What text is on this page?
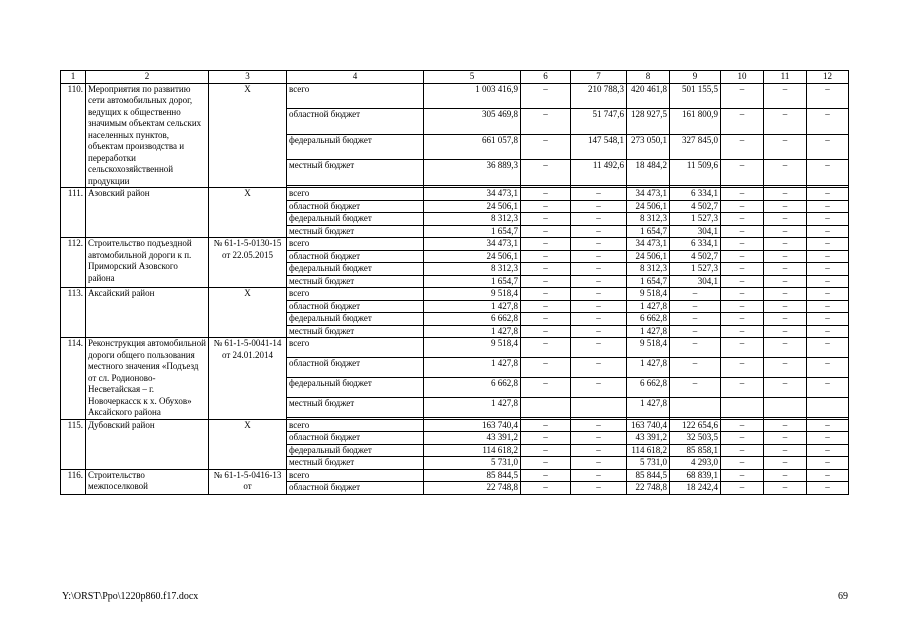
1	2	3	4	5	6	7	8	9	10	11	12
110.	Мероприятия по развитию сети автомобильных дорог, ведущих к общественно значимым объектам сельских населенных пунктов, объектам производства и переработки сельскохозяйственной продукции	Х	всего	1 003 416,9	–	210 788,3	420 461,8	501 155,5	–	–	–
			областной бюджет	305 469,8	–	51 747,6	128 927,5	161 800,9	–	–	–
			федеральный бюджет	661 057,8	–	147 548,1	273 050,1	327 845,0	–	–	–
			местный бюджет	36 889,3	–	11 492,6	18 484,2	11 509,6	–	–	–

111.	Азовский район	Х	всего	34 473,1	–	–	34 473,1	6 334,1	–	–	–
			областной бюджет	24 506,1	–	–	24 506,1	4 502,7	–	–	–
			федеральный бюджет	8 312,3	–	–	8 312,3	1 527,3	–	–	–
			местный бюджет	1 654,7	–	–	1 654,7	304,1	–	–	–
112.	Строительство подъездной автомобильной дороги к п. Приморский Азовского района	№ 61-1-5-0130-15 от 22.05.2015	всего	34 473,1	–	–	34 473,1	6 334,1	–	–	–
			областной бюджет	24 506,1	–	–	24 506,1	4 502,7	–	–	–
			федеральный бюджет	8 312,3	–	–	8 312,3	1 527,3	–	–	–
			местный бюджет	1 654,7	–	–	1 654,7	304,1	–	–	–
113.	Аксайский район	Х	всего	9 518,4	–	–	9 518,4	–	–	–	–
			областной бюджет	1 427,8	–	–	1 427,8	–	–	–	–
			федеральный бюджет	6 662,8	–	–	6 662,8	–	–	–	–
			местный бюджет	1 427,8	–	–	1 427,8	–	–	–	–
114.	Реконструкция автомобильной дороги общего пользования местного значения «Подъезд от сл. Родионово-Несветайская – г. Новочеркасск к х. Обухов» Аксайского района	№ 61-1-5-0041-14 от 24.01.2014	всего	9 518,4	–	–	9 518,4	–	–	–	–
			областной бюджет	1 427,8	–	–	1 427,8	–	–	–	–
			федеральный бюджет	6 662,8	–	–	6 662,8	–	–	–	–
			местный бюджет	1 427,8			1 427,8				

115.	Дубовский район	Х	всего	163 740,4	–	–	163 740,4	122 654,6	–	–	–
			областной бюджет	43 391,2	–	–	43 391,2	32 503,5	–	–	–
			федеральный бюджет	114 618,2	–	–	114 618,2	85 858,1	–	–	–
			местный бюджет	5 731,0	–	–	5 731,0	4 293,0	–	–	–
116.	Строительство межпоселковой	№ 61-1-5-0416-13 от	всего	85 844,5	–	–	85 844,5	68 839,1	–	–	–
			областной бюджет	22 748,8	–	–	22 748,8	18 242,4	–	–	–
Y:\ORST\Ppo\1220p860.f17.docx	69
